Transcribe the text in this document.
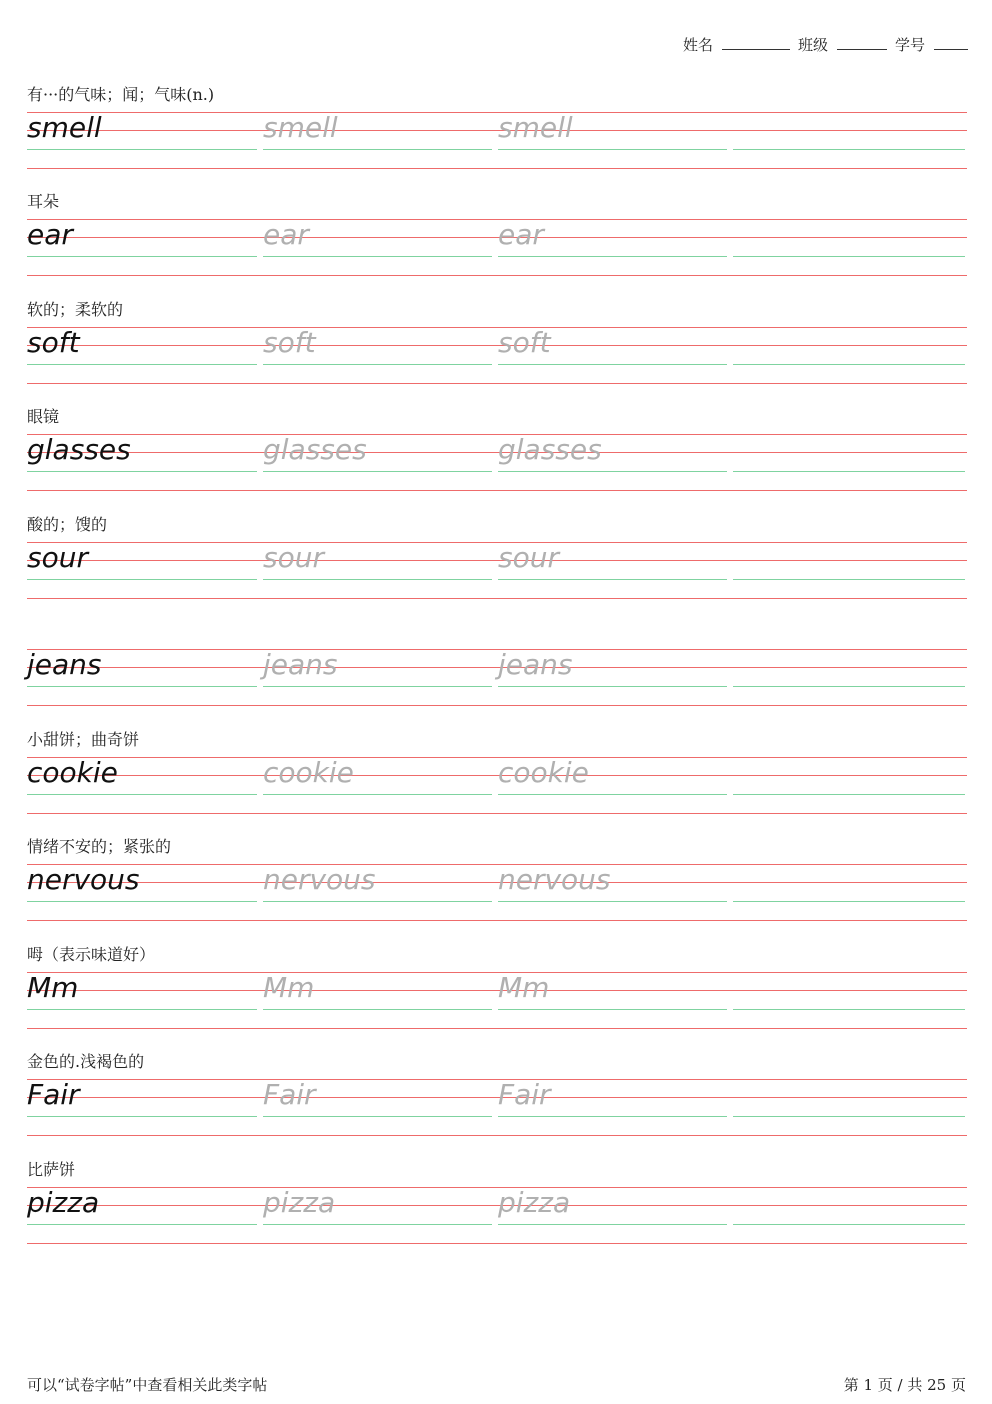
姓名	班级	学号
有···的气味；闻；气味(n.)
smell	smell	smell
耳朵
ear	ear	ear
软的；柔软的
soft	soft	soft
眼镜
glasses	glasses	glasses
酸的；馊的
sour	sour	sour
jeans	jeans	jeans
小甜饼；曲奇饼
cookie	cookie	cookie
情绪不安的；紧张的
nervous	nervous	nervous
呣（表示味道好）
Mm	Mm	Mm
金色的.浅褐色的
Fair	Fair	Fair
比萨饼
pizza	pizza	pizza
可以“试卷字帖”中查看相关此类字帖	第 1 页 / 共 25 页
